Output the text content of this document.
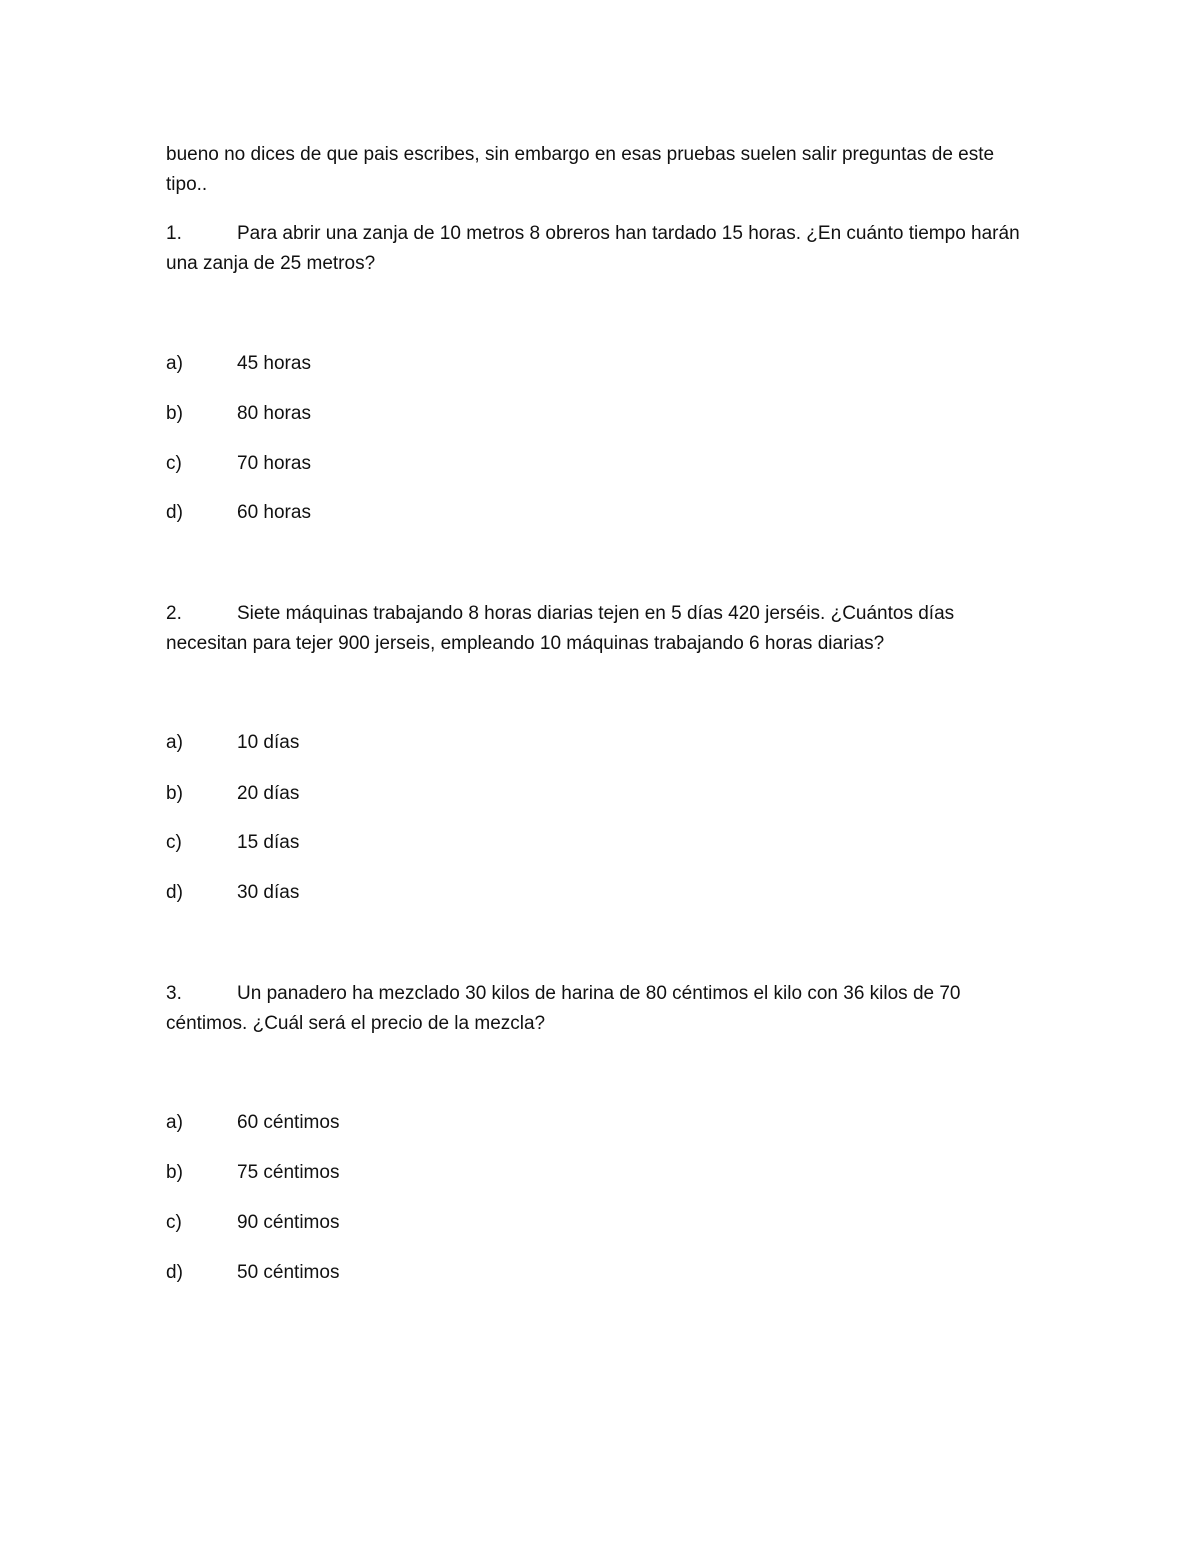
bueno no dices de que pais escribes, sin embargo en esas pruebas suelen salir preguntas de este tipo..

1.	Para abrir una zanja de 10 metros 8 obreros han tardado 15 horas. ¿En cuánto tiempo harán una zanja de 25 metros?
a)	45 horas
b)	80 horas
c)	70 horas
d)	60 horas
2.	Siete máquinas trabajando 8 horas diarias tejen en 5 días 420 jerséis. ¿Cuántos días necesitan para tejer 900 jerseis, empleando 10 máquinas trabajando 6 horas diarias?
a)	10 días
b)	20 días
c)	15 días
d)	30 días
3.	Un panadero ha mezclado 30 kilos de harina de 80 céntimos el kilo con 36 kilos de 70 céntimos. ¿Cuál será el precio de la mezcla?
a)	60 céntimos
b)	75 céntimos
c)	90 céntimos
d)	50 céntimos
